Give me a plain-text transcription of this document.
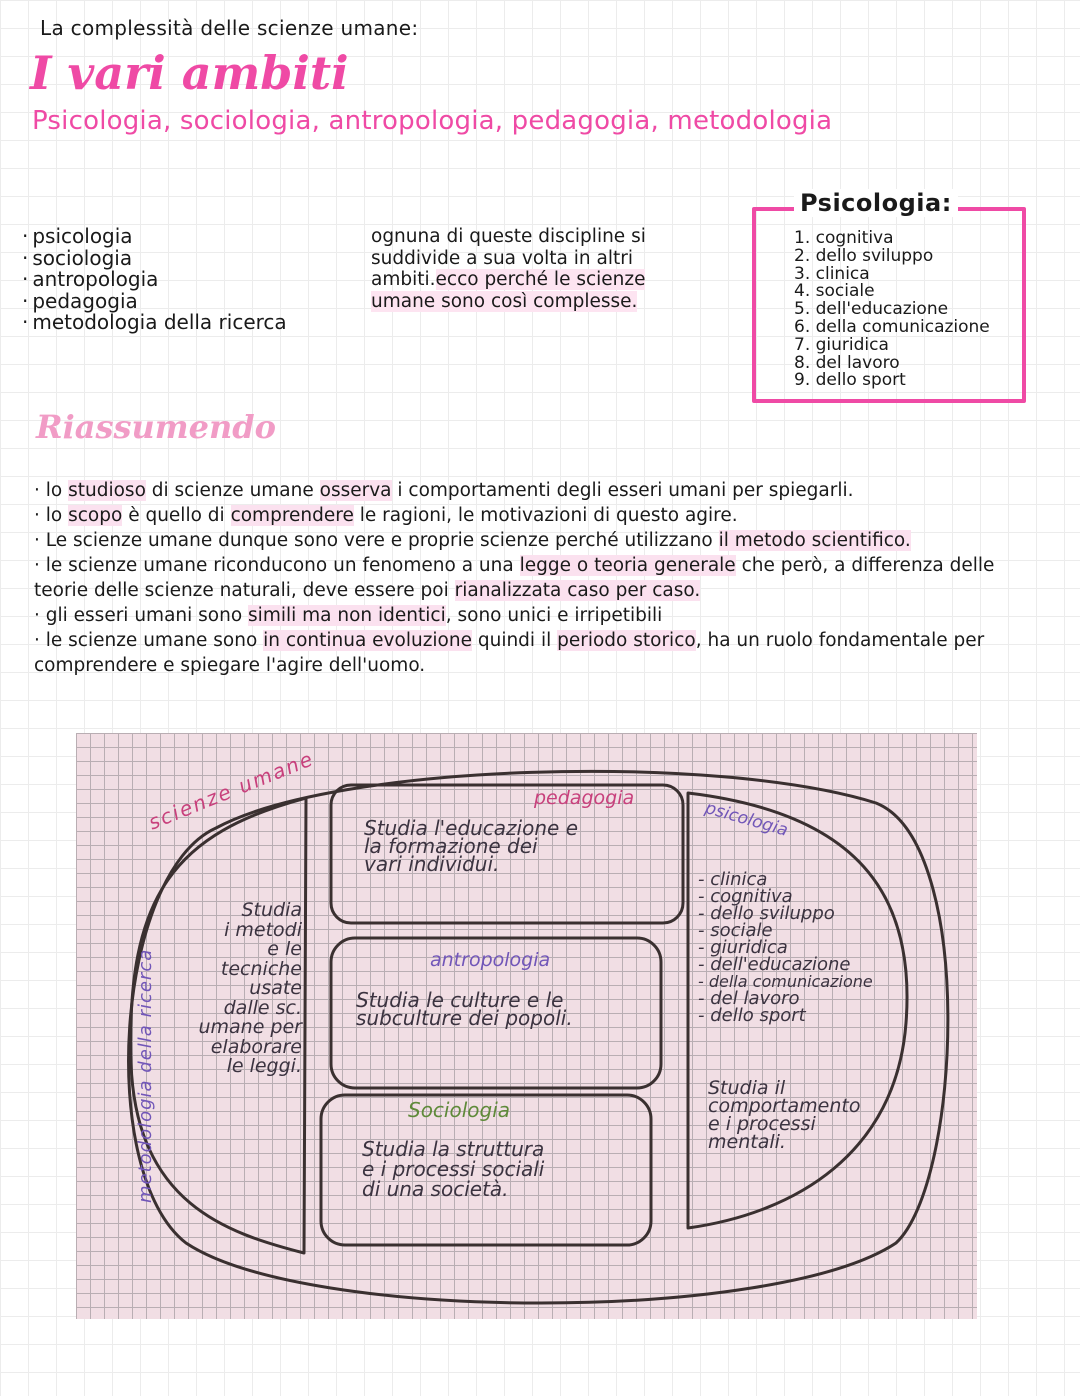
La complessità delle scienze umane:
I vari ambiti
Psicologia, sociologia, antropologia, pedagogia, metodologia
· psicologia
· sociologia
· antropologia
· pedagogia
· metodologia della ricerca
ognuna di queste discipline si suddivide a sua volta in altri ambiti.ecco perché le scienze umane sono così complesse.
Psicologia:
1. cognitiva
2. dello sviluppo
3. clinica
4. sociale
5. dell'educazione
6. della comunicazione
7. giuridica
8. del lavoro
9. dello sport
Riassumendo
· lo studioso di scienze umane osserva i comportamenti degli esseri umani per spiegarli.
· lo scopo è quello di comprendere le ragioni, le motivazioni di questo agire.
· Le scienze umane dunque sono vere e proprie scienze perché utilizzano il metodo scientifico.
· le scienze umane riconducono un fenomeno a una legge o teoria generale che però, a differenza delle teorie delle scienze naturali, deve essere poi rianalizzata caso per caso.
· gli esseri umani sono simili ma non identici, sono unici e irripetibili
· le scienze umane sono in continua evoluzione quindi il periodo storico, ha un ruolo fondamentale per comprendere e spiegare l'agire dell'uomo.
scienze umane
metodologia della ricerca
Studia
i metodi
e le
tecniche
usate
dalle sc.
umane per
elaborare
le leggi.
pedagogia
Studia l'educazione e
la formazione dei
vari individui.
antropologia
Studia le culture e le
subculture dei popoli.
Sociologia
Studia la struttura
e i processi sociali
di una società.
psicologia
- clinica
- cognitiva
- dello sviluppo
- sociale
- giuridica
- dell'educazione
- della comunicazione
- del lavoro
- dello sport
Studia il
comportamento
e i processi
mentali.
